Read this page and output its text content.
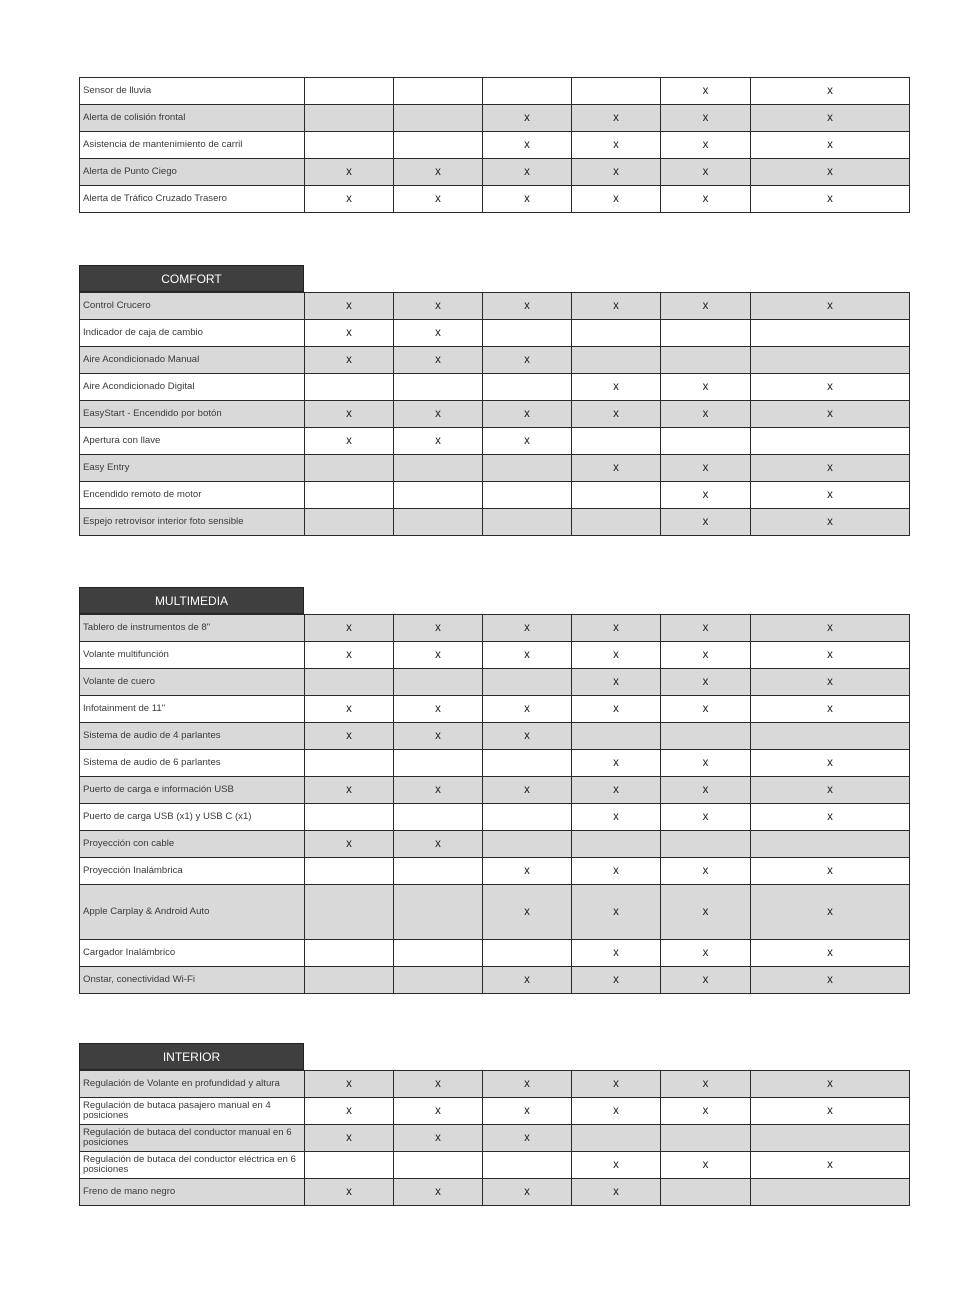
Sensor de lluvia					x	x
Alerta de colisión frontal			x	x	x	x
Asistencia de mantenimiento de carril			x	x	x	x
Alerta de Punto Ciego	x	x	x	x	x	x
Alerta de Tráfico Cruzado Trasero	x	x	x	x	x	x
COMFORT
Control Crucero	x	x	x	x	x	x
Indicador de caja de cambio	x	x				
Aire Acondicionado Manual	x	x	x			
Aire Acondicionado Digital				x	x	x
EasyStart - Encendido por botón	x	x	x	x	x	x
Apertura con llave	x	x	x			
Easy Entry				x	x	x
Encendido remoto de motor					x	x
Espejo retrovisor interior foto sensible					x	x
MULTIMEDIA
Tablero de instrumentos de 8"	x	x	x	x	x	x
Volante multifunción	x	x	x	x	x	x
Volante de cuero				x	x	x
Infotainment de 11"	x	x	x	x	x	x
Sistema de audio de 4 parlantes	x	x	x			
Sistema de audio de 6 parlantes				x	x	x
Puerto de carga e información USB	x	x	x	x	x	x
Puerto de carga USB (x1) y USB C (x1)				x	x	x
Proyección con cable	x	x				
Proyección Inalámbrica			x	x	x	x
Apple Carplay & Android Auto			x	x	x	x
Cargador Inalámbrico				x	x	x
Onstar, conectividad Wi-Fi			x	x	x	x
INTERIOR
Regulación de Volante en profundidad y altura	x	x	x	x	x	x
Regulación de butaca pasajero manual en 4 posiciones	x	x	x	x	x	x
Regulación de butaca del conductor manual en 6 posiciones	x	x	x			
Regulación de butaca del conductor eléctrica en 6 posiciones				x	x	x
Freno de mano negro	x	x	x	x		
